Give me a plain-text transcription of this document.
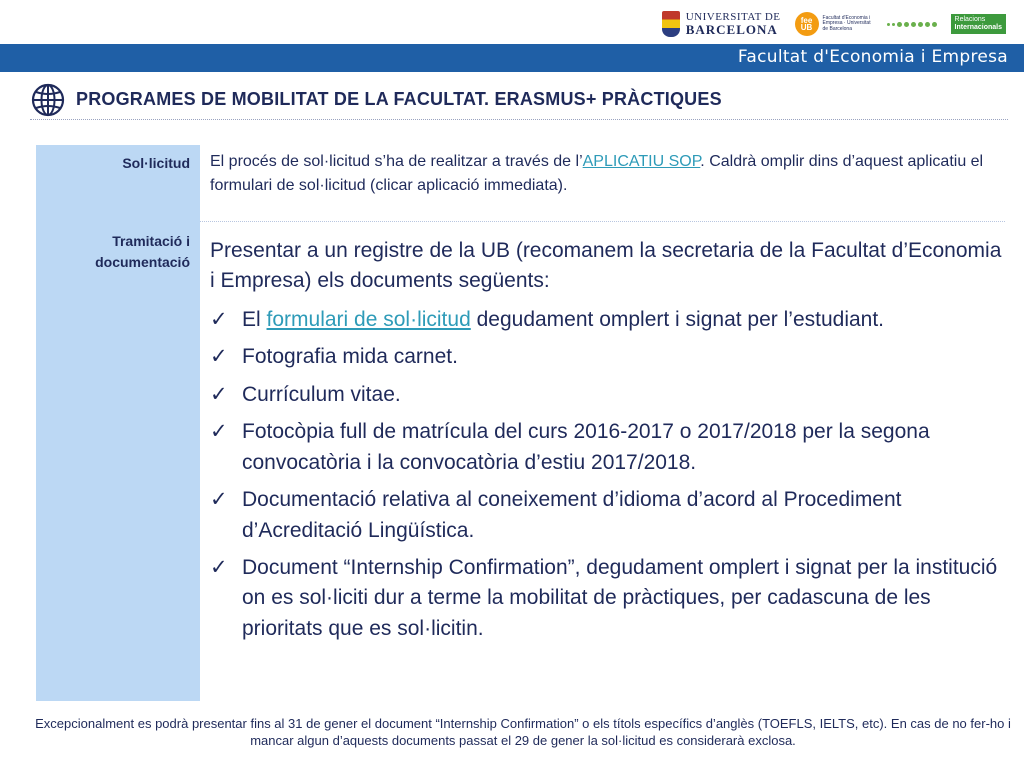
UNIVERSITAT DE
BARCELONA
fee UB
Facultat d'Economia i Empresa · Universitat de Barcelona
Relacions
Internacionals
Facultat d'Economia i Empresa
PROGRAMES DE MOBILITAT DE LA FACULTAT. ERASMUS+ PRÀCTIQUES
Sol·licitud
Tramitació i
documentació
El procés de sol·licitud s’ha de realitzar a través de l’APLICATIU SOP. Caldrà omplir dins d’aquest aplicatiu el formulari de sol·licitud (clicar aplicació immediata).

Presentar a un registre de la UB (recomanem la secretaria de la Facultat d’Economia i Empresa) els documents següents:

✓ El formulari de sol·licitud degudament omplert i signat per l’estudiant.
✓ Fotografia mida carnet.
✓ Currículum vitae.
✓ Fotocòpia full de matrícula del curs 2016-2017 o 2017/2018 per la segona convocatòria i la convocatòria d’estiu 2017/2018.
✓ Documentació relativa al coneixement d’idioma d’acord al Procediment d’Acreditació Lingüística.
✓ Document “Internship Confirmation”, degudament omplert i signat per la institució on es sol·liciti dur a terme la mobilitat de pràctiques, per cadascuna de les prioritats que es sol·licitin.
Excepcionalment es podrà presentar fins al 31 de gener el document “Internship Confirmation” o els títols específics d’anglès (TOEFLS, IELTS, etc). En cas de no fer-ho i mancar algun d’aquests documents passat el 29 de gener la sol·licitud es considerarà exclosa.
